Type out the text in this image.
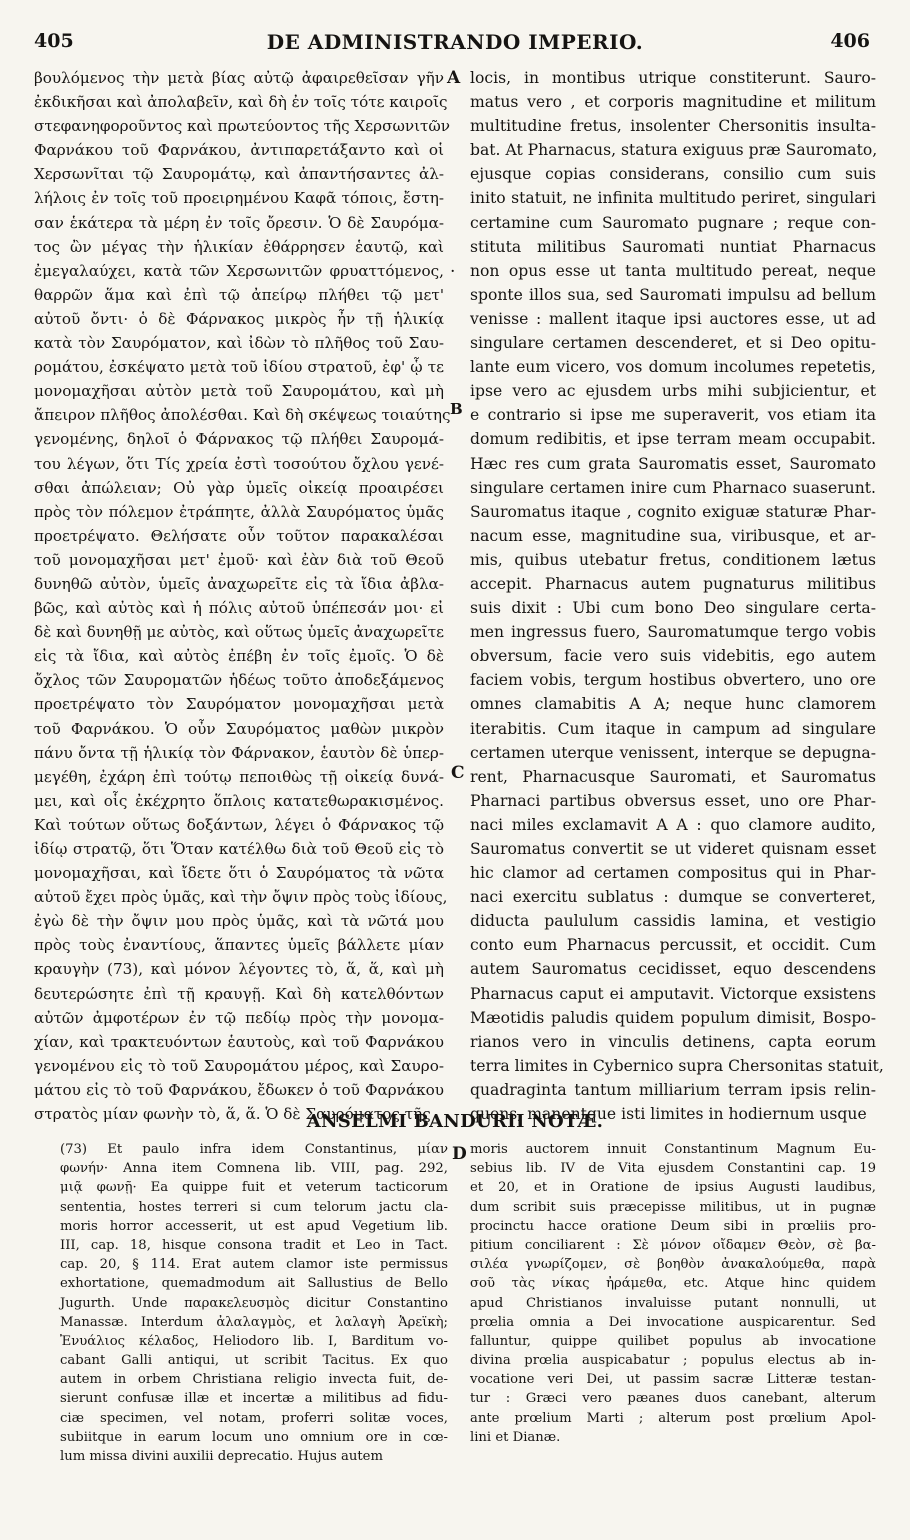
405	DE ADMINISTRANDO IMPERIO.	406
βουλόμενος τὴν μετὰ βίας αὐτῷ ἀφαιρεθεῖσαν γῆν
ἐκδικῆσαι καὶ ἀπολαβεῖν, καὶ δὴ ἐν τοῖς τότε καιροῖς
στεφανηφοροῦντος καὶ πρωτεύοντος τῆς Χερσωνιτῶν
Φαρνάκου τοῦ Φαρνάκου, ἀντιπαρετάξαντο καὶ οἱ
Χερσωνῖται τῷ Σαυρομάτῳ, καὶ ἀπαντήσαντες ἀλ-
λήλοις ἐν τοῖς τοῦ προειρημένου Καφᾶ τόποις, ἔστη-
σαν ἑκάτερα τὰ μέρη ἐν τοῖς ὄρεσιν. Ὁ δὲ Σαυρόμα-
τος ὢν μέγας τὴν ἡλικίαν ἐθάρρησεν ἑαυτῷ, καὶ
ἐμεγαλαύχει, κατὰ τῶν Χερσωνιτῶν φρυαττόμενος,
θαρρῶν ἅμα καὶ ἐπὶ τῷ ἀπείρῳ πλήθει τῷ μετ'
αὐτοῦ ὄντι· ὁ δὲ Φάρνακος μικρὸς ἦν τῇ ἡλικίᾳ
κατὰ τὸν Σαυρόματον, καὶ ἰδὼν τὸ πλῆθος τοῦ Σαυ-
ρομάτου, ἐσκέψατο μετὰ τοῦ ἰδίου στρατοῦ, ἐφ' ᾧ τε
μονομαχῆσαι αὐτὸν μετὰ τοῦ Σαυρομάτου, καὶ μὴ
ἄπειρον πλῆθος ἀπολέσθαι. Καὶ δὴ σκέψεως τοιαύτης
γενομένης, δηλοῖ ὁ Φάρνακος τῷ πλήθει Σαυρομά-
του λέγων, ὅτι Τίς χρεία ἐστὶ τοσούτου ὄχλου γενέ-
σθαι ἀπώλειαν; Οὐ γὰρ ὑμεῖς οἰκείᾳ προαιρέσει
πρὸς τὸν πόλεμον ἐτράπητε, ἀλλὰ Σαυρόματος ὑμᾶς
προετρέψατο. Θελήσατε οὖν τοῦτον παρακαλέσαι
τοῦ μονομαχῆσαι μετ' ἐμοῦ· καὶ ἐὰν διὰ τοῦ Θεοῦ
δυνηθῶ αὐτὸν, ὑμεῖς ἀναχωρεῖτε εἰς τὰ ἴδια ἀβλα-
βῶς, καὶ αὐτὸς καὶ ἡ πόλις αὐτοῦ ὑπέπεσάν μοι· εἰ
δὲ καὶ δυνηθῇ με αὐτὸς, καὶ οὕτως ὑμεῖς ἀναχωρεῖτε
εἰς τὰ ἴδια, καὶ αὐτὸς ἐπέβη ἐν τοῖς ἐμοῖς. Ὁ δὲ
ὄχλος τῶν Σαυροματῶν ἡδέως τοῦτο ἀποδεξάμενος
προετρέψατο τὸν Σαυρόματον μονομαχῆσαι μετὰ
τοῦ Φαρνάκου. Ὁ οὖν Σαυρόματος μαθὼν μικρὸν
πάνυ ὄντα τῇ ἡλικίᾳ τὸν Φάρνακον, ἑαυτὸν δὲ ὑπερ-
μεγέθη, ἐχάρη ἐπὶ τούτῳ πεποιθὼς τῇ οἰκείᾳ δυνά-
μει, καὶ οἷς ἐκέχρητο ὅπλοις κατατεθωρακισμένος.
Καὶ τούτων οὕτως δοξάντων, λέγει ὁ Φάρνακος τῷ
ἰδίῳ στρατῷ, ὅτι Ὅταν κατέλθω διὰ τοῦ Θεοῦ εἰς τὸ
μονομαχῆσαι, καὶ ἴδετε ὅτι ὁ Σαυρόματος τὰ νῶτα
αὐτοῦ ἔχει πρὸς ὑμᾶς, καὶ τὴν ὄψιν πρὸς τοὺς ἰδίους,
ἐγὼ δὲ τὴν ὄψιν μου πρὸς ὑμᾶς, καὶ τὰ νῶτά μου
πρὸς τοὺς ἐναντίους, ἅπαντες ὑμεῖς βάλλετε μίαν
κραυγὴν (73), καὶ μόνον λέγοντες τὸ, ἅ, ἅ, καὶ μὴ
δευτερώσητε ἐπὶ τῇ κραυγῇ. Καὶ δὴ κατελθόντων
αὐτῶν ἀμφοτέρων ἐν τῷ πεδίῳ πρὸς τὴν μονομα-
χίαν, καὶ τρακτευόντων ἑαυτοὺς, καὶ τοῦ Φαρνάκου
γενομένου εἰς τὸ τοῦ Σαυρομάτου μέρος, καὶ Σαυρο-
μάτου εἰς τὸ τοῦ Φαρνάκου, ἔδωκεν ὁ τοῦ Φαρνάκου
στρατὸς μίαν φωνὴν τὸ, ἅ, ἅ. Ὁ δὲ Σαυρόματος τῆς
locis, in montibus utrique constiterunt. Sauro-
matus vero , et corporis magnitudine et militum
multitudine fretus, insolenter Chersonitis insulta-
bat. At Pharnacus, statura exiguus præ Sauromato,
ejusque copias considerans, consilio cum suis
inito statuit, ne infinita multitudo periret, singulari
certamine cum Sauromato pugnare ; reque con-
stituta militibus Sauromati nuntiat Pharnacus
non opus esse ut tanta multitudo pereat, neque
sponte illos sua, sed Sauromati impulsu ad bellum
venisse : mallent itaque ipsi auctores esse, ut ad
singulare certamen descenderet, et si Deo opitu-
lante eum vicero, vos domum incolumes repetetis,
ipse vero ac ejusdem urbs mihi subjicientur, et
e contrario si ipse me superaverit, vos etiam ita
domum redibitis, et ipse terram meam occupabit.
Hæc res cum grata Sauromatis esset, Sauromato
singulare certamen inire cum Pharnaco suaserunt.
Sauromatus itaque , cognito exiguæ staturæ Phar-
nacum esse, magnitudine sua, viribusque, et ar-
mis, quibus utebatur fretus, conditionem lætus
accepit. Pharnacus autem pugnaturus militibus
suis dixit : Ubi cum bono Deo singulare certa-
men ingressus fuero, Sauromatumque tergo vobis
obversum, facie vero suis videbitis, ego autem
faciem vobis, tergum hostibus obvertero, uno ore
omnes clamabitis A A; neque hunc clamorem
iterabitis. Cum itaque in campum ad singulare
certamen uterque venissent, interque se depugna-
rent, Pharnacusque Sauromati, et Sauromatus
Pharnaci partibus obversus esset, uno ore Phar-
naci miles exclamavit A A : quo clamore audito,
Sauromatus convertit se ut videret quisnam esset
hic clamor ad certamen compositus qui in Phar-
naci exercitu sublatus : dumque se converteret,
diducta paululum cassidis lamina, et vestigio
conto eum Pharnacus percussit, et occidit. Cum
autem Sauromatus cecidisset, equo descendens
Pharnacus caput ei amputavit. Victorque exsistens
Mæotidis paludis quidem populum dimisit, Bospo-
rianos vero in vinculis detinens, capta eorum
terra limites in Cybernico supra Chersonitas statuit,
quadraginta tantum milliarium terram ipsis relin-
quens, manentque isti limites in hodiernum usque
A
B
C
.
ANSELMI BANDURII NOTÆ.
(73) Et paulo infra idem Constantinus, μίαν
φωνήν· Anna item Comnena lib. VIII, pag. 292,
μιᾷ φωνῇ· Ea quippe fuit et veterum tacticorum
sententia, hostes terreri si cum telorum jactu cla-
moris horror accesserit, ut est apud Vegetium lib.
III, cap. 18, hisque consona tradit et Leo in Tact.
cap. 20, § 114. Erat autem clamor iste permissus
exhortatione, quemadmodum ait Sallustius de Bello
Jugurth. Unde παρακελευσμὸς dicitur Constantino
Manassæ. Interdum ἀλαλαγμὸς, et λαλαγὴ Ἀρεϊκὴ;
Ἐνυάλιος κέλαδος, Heliodoro lib. I, Barditum vo-
cabant Galli antiqui, ut scribit Tacitus. Ex quo
autem in orbem Christiana religio invecta fuit, de-
sierunt confusæ illæ et incertæ a militibus ad fidu-
ciæ specimen, vel notam, proferri solitæ voces,
subiitque in earum locum uno omnium ore in cœ-
lum missa divini auxilii deprecatio. Hujus autem
D moris auctorem innuit Constantinum Magnum Eu-
sebius lib. IV de Vita ejusdem Constantini cap. 19
et 20, et in Oratione de ipsius Augusti laudibus,
dum scribit suis præcepisse militibus, ut in pugnæ
procinctu hacce oratione Deum sibi in prœliis pro-
pitium conciliarent : Σὲ μόνον οἴδαμεν Θεὸν, σὲ βα-
σιλέα γνωρίζομεν, σὲ βοηθὸν ἀνακαλούμεθα, παρὰ
σοῦ τὰς νίκας ἠράμεθα, etc. Atque hinc quidem
apud Christianos invaluisse putant nonnulli, ut
prœlia omnia a Dei invocatione auspicarentur. Sed
falluntur, quippe quilibet populus ab invocatione
divina prœlia auspicabatur ; populus electus ab in-
vocatione veri Dei, ut passim sacræ Litteræ testan-
tur : Græci vero pæanes duos canebant, alterum
ante prœlium Marti ; alterum post prœlium Apol-
lini et Dianæ.
